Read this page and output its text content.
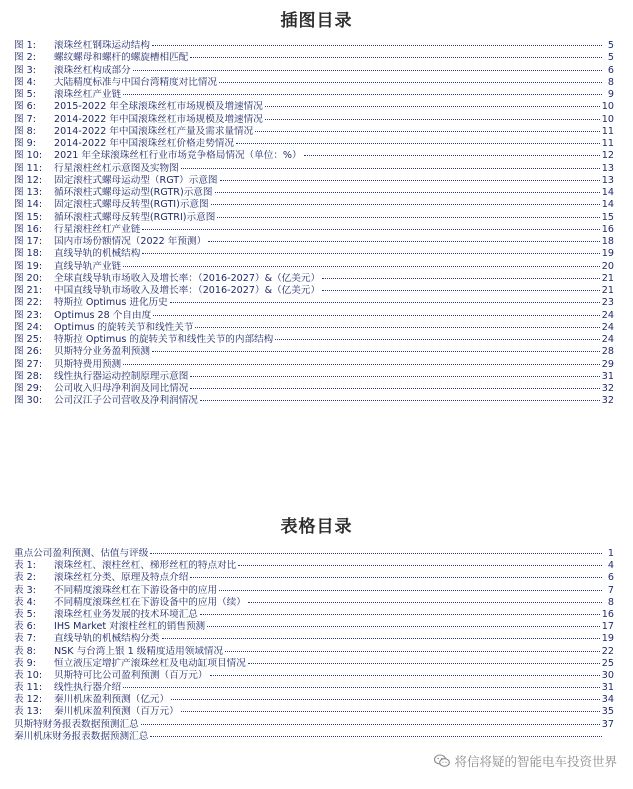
插图目录
图 1:	滚珠丝杠钢珠运动结构	5
图 2:	螺纹螺母和螺杆的螺旋槽相匹配	5
图 3:	滚珠丝杠构成部分	6
图 4:	大陆精度标准与中国台湾精度对比情况	8
图 5:	滚珠丝杠产业链	9
图 6:	2015-2022 年全球滚珠丝杠市场规模及增速情况	10
图 7:	2014-2022 年中国滚珠丝杠市场规模及增速情况	10
图 8:	2014-2022 年中国滚珠丝杠产量及需求量情况	11
图 9:	2014-2022 年中国滚珠丝杠价格走势情况	11
图 10:	2021 年全球滚珠丝杠行业市场竞争格局情况（单位：%）	12
图 11:	行星滚柱丝杠示意图及实物图	13
图 12:	固定滚柱式螺母运动型（RGT）示意图	13
图 13:	循环滚柱式螺母运动型(RGTR)示意图	14
图 14:	固定滚柱式螺母反转型(RGTI)示意图	14
图 15:	循环滚柱式螺母反转型(RGTRI)示意图	15
图 16:	行星滚柱丝杠产业链	16
图 17:	国内市场份额情况（2022 年预测）	18
图 18:	直线导轨的机械结构	19
图 19:	直线导轨产业链	20
图 20:	全球直线导轨市场收入及增长率：（2016-2027）&（亿美元）	21
图 21:	中国直线导轨市场收入及增长率：（2016-2027）&（亿美元）	21
图 22:	特斯拉 Optimus 进化历史	23
图 23:	Optimus 28 个自由度	24
图 24:	Optimus 的旋转关节和线性关节	24
图 25:	特斯拉 Optimus 的旋转关节和线性关节的内部结构	24
图 26:	贝斯特分业务盈利预测	28
图 27:	贝斯特费用预测	29
图 28:	线性执行器运动控制原理示意图	31
图 29:	公司收入归母净利润及同比情况	32
图 30:	公司汉江子公司营收及净利润情况	32
表格目录
重点公司盈利预测、估值与评级	1
表 1:	滚珠丝杠、滚柱丝杠、梯形丝杠的特点对比	4
表 2:	滚珠丝杠分类、原理及特点介绍	6
表 3:	不同精度滚珠丝杠在下游设备中的应用	7
表 4:	不同精度滚珠丝杠在下游设备中的应用（续）	8
表 5:	滚珠丝杠业务发展的技术环境汇总	16
表 6:	IHS Market 对滚柱丝杠的销售预测	17
表 7:	直线导轨的机械结构分类	19
表 8:	NSK 与台湾上银 1 级精度适用领域情况	22
表 9:	恒立液压定增扩产滚珠丝杠及电动缸项目情况	25
表 10:	贝斯特可比公司盈利预测（百万元）	30
表 11:	线性执行器介绍	31
表 12:	秦川机床盈利预测（亿元）	34
表 13:	秦川机床盈利预测（百万元）	35
贝斯特财务报表数据预测汇总	37
秦川机床财务报表数据预测汇总
将信将疑的智能电车投资世界
